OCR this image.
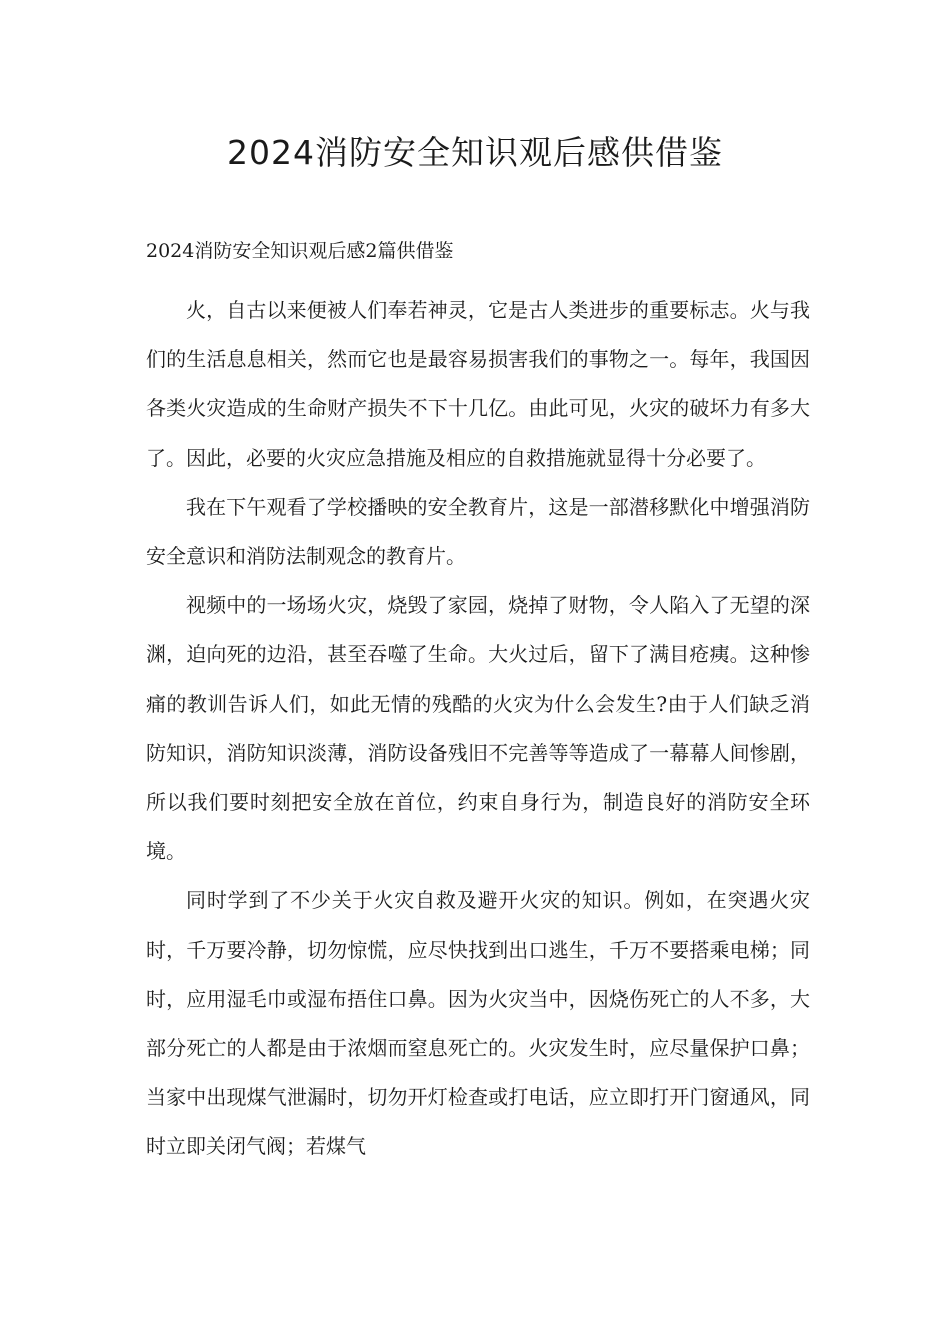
2024消防安全知识观后感供借鉴

2024消防安全知识观后感2篇供借鉴

火，自古以来便被人们奉若神灵，它是古人类进步的重要标志。火与我们的生活息息相关，然而它也是最容易损害我们的事物之一。每年，我国因各类火灾造成的生命财产损失不下十几亿。由此可见，火灾的破坏力有多大了。因此，必要的火灾应急措施及相应的自救措施就显得十分必要了。

我在下午观看了学校播映的安全教育片，这是一部潜移默化中增强消防安全意识和消防法制观念的教育片。

视频中的一场场火灾，烧毁了家园，烧掉了财物，令人陷入了无望的深渊，迫向死的边沿，甚至吞噬了生命。大火过后，留下了满目疮痍。这种惨痛的教训告诉人们，如此无情的残酷的火灾为什么会发生?由于人们缺乏消防知识，消防知识淡薄，消防设备残旧不完善等等造成了一幕幕人间惨剧，所以我们要时刻把安全放在首位，约束自身行为，制造良好的消防安全环境。

同时学到了不少关于火灾自救及避开火灾的知识。例如，在突遇火灾时，千万要冷静，切勿惊慌，应尽快找到出口逃生，千万不要搭乘电梯；同时，应用湿毛巾或湿布捂住口鼻。因为火灾当中，因烧伤死亡的人不多，大部分死亡的人都是由于浓烟而窒息死亡的。火灾发生时，应尽量保护口鼻；当家中出现煤气泄漏时，切勿开灯检查或打电话，应立即打开门窗通风，同时立即关闭气阀；若煤气
